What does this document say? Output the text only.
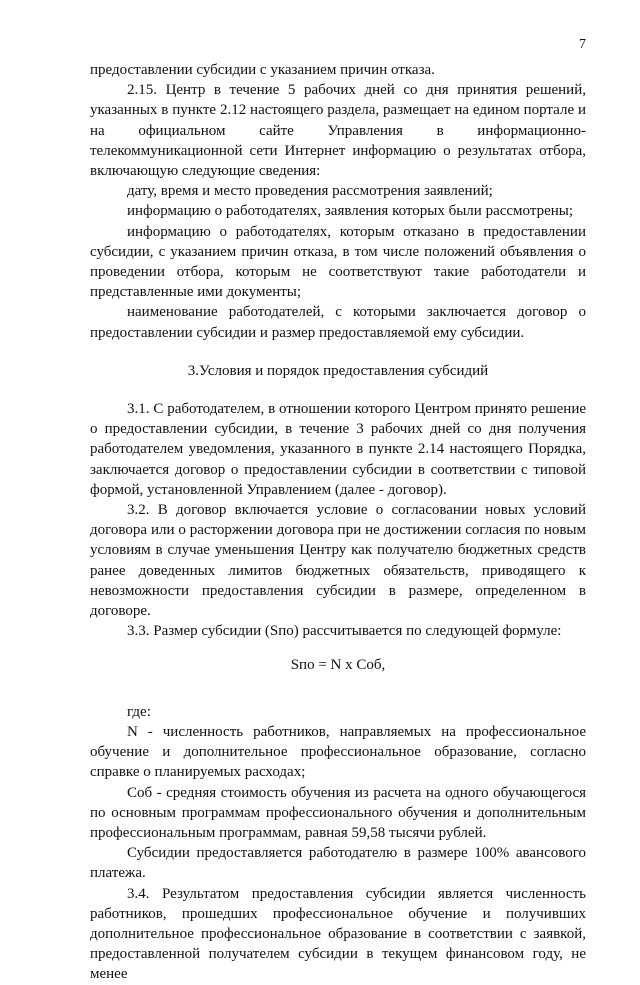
7

предоставлении субсидии с указанием причин отказа.

2.15. Центр в течение 5 рабочих дней со дня принятия решений, указанных в пункте 2.12 настоящего раздела, размещает на едином портале и на официальном сайте Управления в информационно-телекоммуникационной сети Интернет информацию о результатах отбора, включающую следующие сведения:

дату, время и место проведения рассмотрения заявлений;

информацию о работодателях, заявления которых были рассмотрены;

информацию о работодателях, которым отказано в предоставлении субсидии, с указанием причин отказа, в том числе положений объявления о проведении отбора, которым не соответствуют такие работодатели и представленные ими документы;

наименование работодателей, с которыми заключается договор о предоставлении субсидии и размер предоставляемой ему субсидии.

3.Условия и порядок предоставления субсидий

3.1. С работодателем, в отношении которого Центром принято решение о предоставлении субсидии, в течение 3 рабочих дней со дня получения работодателем уведомления, указанного в пункте 2.14 настоящего Порядка, заключается договор о предоставлении субсидии в соответствии с типовой формой, установленной Управлением (далее - договор).

3.2. В договор включается условие о согласовании новых условий договора или о расторжении договора при не достижении согласия по новым условиям в случае уменьшения Центру как получателю бюджетных средств ранее доведенных лимитов бюджетных обязательств, приводящего к невозможности предоставления субсидии в размере, определенном в договоре.

3.3. Размер субсидии (Sпо) рассчитывается по следующей формуле:

Sпо = N x Соб,

где:

N - численность работников, направляемых на профессиональное обучение и дополнительное профессиональное образование, согласно справке о планируемых расходах;

Соб - средняя стоимость обучения из расчета на одного обучающегося по основным программам профессионального обучения и дополнительным профессиональным программам, равная 59,58 тысячи рублей.

Субсидии предоставляется работодателю в размере 100% авансового платежа.

3.4. Результатом предоставления субсидии является численность работников, прошедших профессиональное обучение и получивших дополнительное профессиональное образование в соответствии с заявкой, предоставленной получателем субсидии в текущем финансовом году, не менее
